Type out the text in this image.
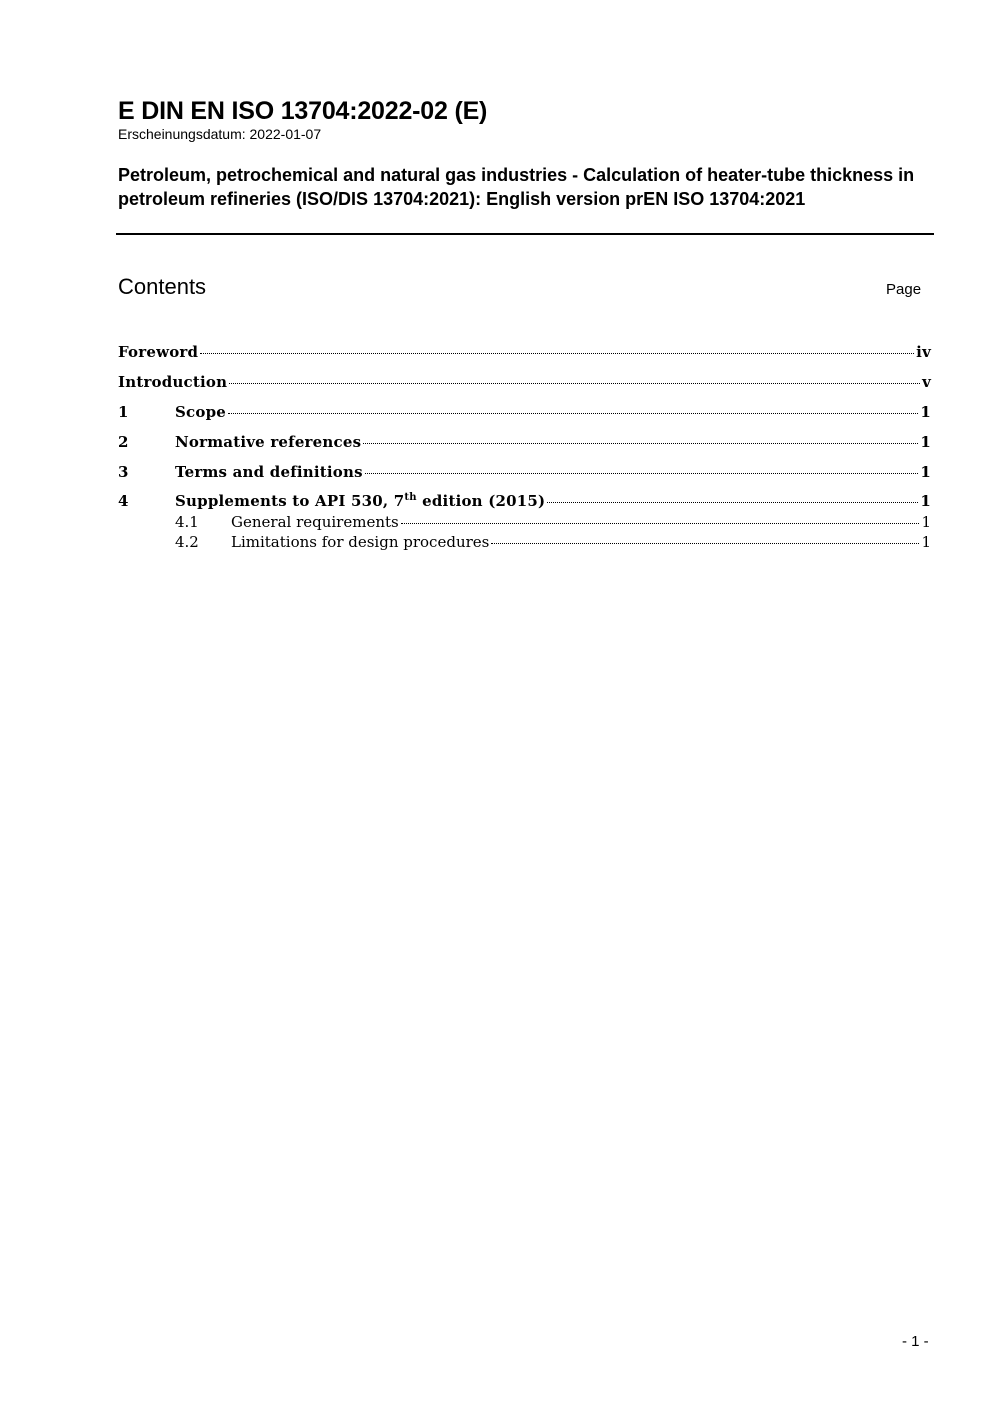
E DIN EN ISO 13704:2022-02 (E)
Erscheinungsdatum: 2022-01-07
Petroleum, petrochemical and natural gas industries - Calculation of heater-tube thickness in petroleum refineries (ISO/DIS 13704:2021): English version prEN ISO 13704:2021
Contents	Page
Foreword	iv
Introduction	v
1	Scope	1
2	Normative references	1
3	Terms and definitions	1
4	Supplements to API 530, 7th edition (2015)	1
4.1	General requirements	1
4.2	Limitations for design procedures	1
- 1 -
